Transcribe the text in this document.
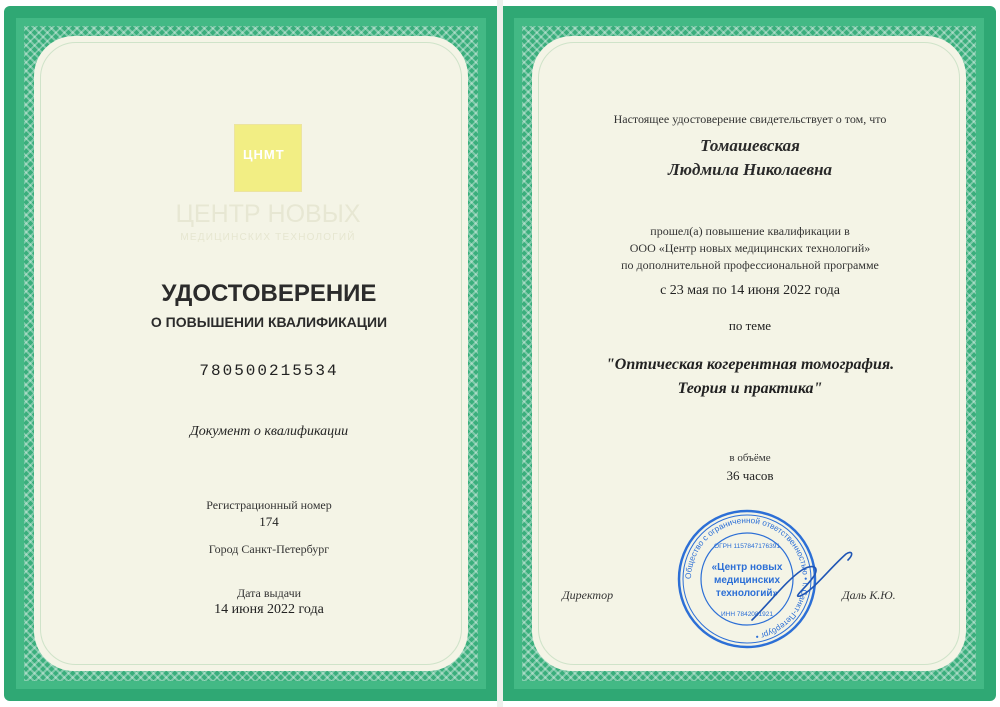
ЦНМТ
ЦЕНТР НОВЫХ
МЕДИЦИНСКИХ ТЕХНОЛОГИЙ
УДОСТОВЕРЕНИЕ
О ПОВЫШЕНИИ КВАЛИФИКАЦИИ
780500215534
Документ о квалификации
Регистрационный номер
174
Город Санкт-Петербург
Дата выдачи
14 июня 2022 года
Настоящее удостоверение свидетельствует о том, что
Томашевская
Людмила Николаевна
прошел(а) повышение квалификации в
ООО «Центр новых медицинских технологий»
по дополнительной профессиональной программе
с 23 мая по 14 июня 2022 года
по теме
"Оптическая когерентная томография.
Теория и практика"
в объёме
36 часов
Директор	Даль К.Ю.
Общество с ограниченной ответственностью • г. Санкт-Петербург •
ОГРН 1157847176391
«Центр новых
медицинских
технологий»
ИНН 7842081921
